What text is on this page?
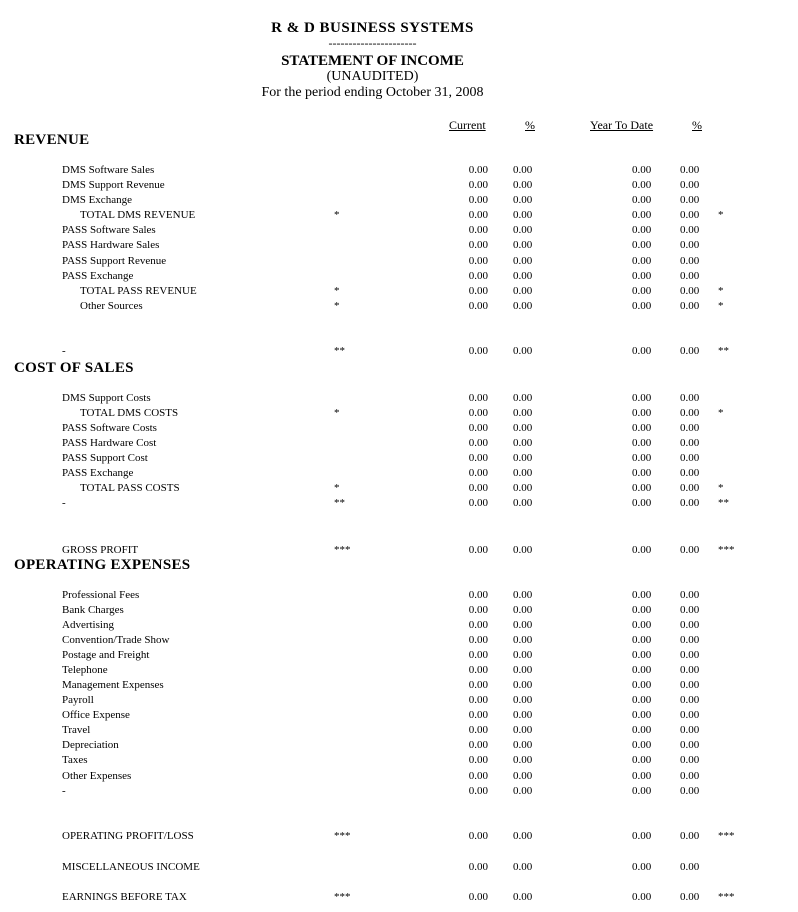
R & D BUSINESS SYSTEMS
----------------------
STATEMENT OF INCOME
(UNAUDITED)
For the period ending October 31, 2008
Current	%	Year To Date	%
REVENUE
COST OF SALES
OPERATING EXPENSES
DMS Software Sales	0.00 0.00	0.00	0.00
DMS Support Revenue	0.00 0.00	0.00	0.00
DMS Exchange	0.00 0.00	0.00	0.00
TOTAL DMS REVENUE	*	0.00 0.00	0.00	0.00 *
PASS Software Sales	0.00 0.00	0.00	0.00
PASS Hardware Sales	0.00 0.00	0.00	0.00
PASS Support Revenue	0.00 0.00	0.00	0.00
PASS Exchange	0.00 0.00	0.00	0.00
TOTAL PASS REVENUE	*	0.00 0.00	0.00	0.00 *
Other Sources	*	0.00 0.00	0.00	0.00 *
-	**	0.00 0.00	0.00	0.00 **
DMS Support Costs	0.00 0.00	0.00	0.00
TOTAL DMS COSTS	*	0.00 0.00	0.00	0.00 *
PASS Software Costs	0.00 0.00	0.00	0.00
PASS Hardware Cost	0.00 0.00	0.00	0.00
PASS Support Cost	0.00 0.00	0.00	0.00
PASS Exchange	0.00 0.00	0.00	0.00
TOTAL PASS COSTS	*	0.00 0.00	0.00	0.00 *
-	**	0.00 0.00	0.00	0.00 **
GROSS PROFIT	***	0.00 0.00	0.00	0.00 ***
Professional Fees	0.00 0.00	0.00	0.00
Bank Charges	0.00 0.00	0.00	0.00
Advertising	0.00 0.00	0.00	0.00
Convention/Trade Show	0.00 0.00	0.00	0.00
Postage and Freight	0.00 0.00	0.00	0.00
Telephone	0.00 0.00	0.00	0.00
Management Expenses	0.00 0.00	0.00	0.00
Payroll	0.00 0.00	0.00	0.00
Office Expense	0.00 0.00	0.00	0.00
Travel	0.00 0.00	0.00	0.00
Depreciation	0.00 0.00	0.00	0.00
Taxes	0.00 0.00	0.00	0.00
Other Expenses	0.00 0.00	0.00	0.00
-	0.00 0.00	0.00	0.00
OPERATING PROFIT/LOSS	***	0.00 0.00	0.00	0.00 ***
MISCELLANEOUS INCOME	0.00 0.00	0.00	0.00
EARNINGS BEFORE TAX	***	0.00 0.00	0.00	0.00 ***
